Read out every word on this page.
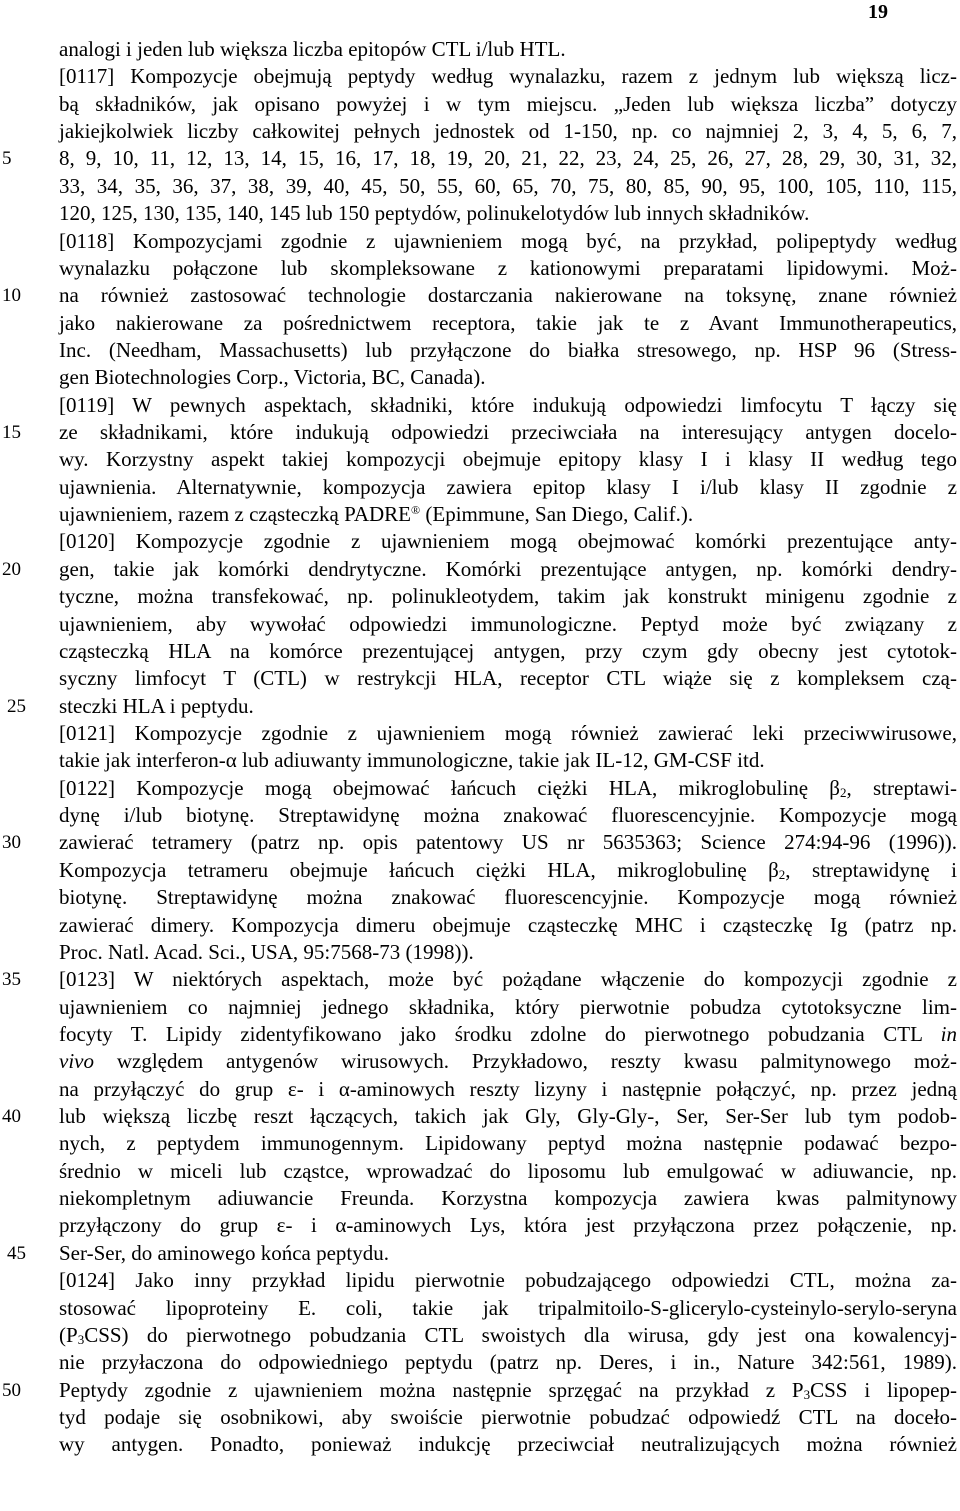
19
analogi i jeden lub większa liczba epitopów CTL i/lub HTL.
[0117] Kompozycje obejmują peptydy według wynalazku, razem z jednym lub większą licz-
bą składników, jak opisano powyżej i w tym miejscu. „Jeden lub większa liczba” dotyczy
jakiejkolwiek liczby całkowitej pełnych jednostek od 1-150, np. co najmniej 2, 3, 4, 5, 6, 7,
5	8, 9, 10, 11, 12, 13, 14, 15, 16, 17, 18, 19, 20, 21, 22, 23, 24, 25, 26, 27, 28, 29, 30, 31, 32,
33, 34, 35, 36, 37, 38, 39, 40, 45, 50, 55, 60, 65, 70, 75, 80, 85, 90, 95, 100, 105, 110, 115,
120, 125, 130, 135, 140, 145 lub 150 peptydów, polinukelotydów lub innych składników.
[0118] Kompozycjami zgodnie z ujawnieniem mogą być, na przykład, polipeptydy według
wynalazku połączone lub skompleksowane z kationowymi preparatami lipidowymi. Moż-
10 na również zastosować technologie dostarczania nakierowane na toksynę, znane również
jako nakierowane za pośrednictwem receptora, takie jak te z Avant Immunotherapeutics,
Inc. (Needham, Massachusetts) lub przyłączone do białka stresowego, np. HSP 96 (Stress-
gen Biotechnologies Corp., Victoria, BC, Canada).
[0119] W pewnych aspektach, składniki, które indukują odpowiedzi limfocytu T łączy się
15 ze składnikami, które indukują odpowiedzi przeciwciała na interesujący antygen docelo-
wy. Korzystny aspekt takiej kompozycji obejmuje epitopy klasy I i klasy II według tego
ujawnienia. Alternatywnie, kompozycja zawiera epitop klasy I i/lub klasy II zgodnie z
ujawnieniem, razem z cząsteczką PADRE® (Epimmune, San Diego, Calif.).
[0120] Kompozycje zgodnie z ujawnieniem mogą obejmować komórki prezentujące anty-
20 gen, takie jak komórki dendrytyczne. Komórki prezentujące antygen, np. komórki dendry-
tyczne, można transfekować, np. polinukleotydem, takim jak konstrukt minigenu zgodnie z
ujawnieniem, aby wywołać odpowiedzi immunologiczne. Peptyd może być związany z
cząsteczką HLA na komórce prezentującej antygen, przy czym gdy obecny jest cytotok-
syczny limfocyt T (CTL) w restrykcji HLA, receptor CTL wiąże się z kompleksem czą-
25 steczki HLA i peptydu.
[0121] Kompozycje zgodnie z ujawnieniem mogą również zawierać leki przeciwwirusowe,
takie jak interferon-α lub adiuwanty immunologiczne, takie jak IL-12, GM-CSF itd.
[0122] Kompozycje mogą obejmować łańcuch ciężki HLA, mikroglobulinę $\beta_2$, streptawi-
dynę i/lub biotynę. Streptawidynę można znakować fluorescencyjnie. Kompozycje mogą
30 zawierać tetramery (patrz np. opis patentowy US nr 5635363; Science 274:94-96 (1996)).
Kompozycja tetrameru obejmuje łańcuch ciężki HLA, mikroglobulinę $\beta_2$, streptawidynę i
biotynę. Streptawidynę można znakować fluorescencyjnie. Kompozycje mogą również
zawierać dimery. Kompozycja dimeru obejmuje cząsteczkę MHC i cząsteczkę Ig (patrz np.
Proc. Natl. Acad. Sci., USA, 95:7568-73 (1998)).
35 [0123] W niektórych aspektach, może być pożądane włączenie do kompozycji zgodnie z
ujawnieniem co najmniej jednego składnika, który pierwotnie pobudza cytotoksyczne lim-
focyty T. Lipidy zidentyfikowano jako środku zdolne do pierwotnego pobudzania CTL in
vivo względem antygenów wirusowych. Przykładowo, reszty kwasu palmitynowego moż-
na przyłączyć do grup ε- i α-aminowych reszty lizyny i następnie połączyć, np. przez jedną
40 lub większą liczbę reszt łączących, takich jak Gly, Gly-Gly-, Ser, Ser-Ser lub tym podob-
nych, z peptydem immunogennym. Lipidowany peptyd można następnie podawać bezpo-
średnio w miceli lub cząstce, wprowadzać do liposomu lub emulgować w adiuwancie, np.
niekompletnym adiuwancie Freunda. Korzystna kompozycja zawiera kwas palmitynowy
przyłączony do grup ε- i α-aminowych Lys, która jest przyłączona przez połączenie, np.
45 Ser-Ser, do aminowego końca peptydu.
[0124] Jako inny przykład lipidu pierwotnie pobudzającego odpowiedzi CTL, można za-
stosować lipoproteiny E. coli, takie jak tripalmitoilo-S-glicerylo-cysteinylo-serylo-seryna
$(P_3CSS)$ do pierwotnego pobudzania CTL swoistych dla wirusa, gdy jest ona kowalencyj-
nie przyłaczona do odpowiedniego peptydu (patrz np. Deres, i in., Nature 342:561, 1989).
50 Peptydy zgodnie z ujawnieniem można następnie sprzęgać na przykład z $P_3CSS$ i lipopep-
tyd podaje się osobnikowi, aby swoiście pierwotnie pobudzać odpowiedź CTL na doceło-
wy antygen. Ponadto, ponieważ indukcję przeciwciał neutralizujących można również
